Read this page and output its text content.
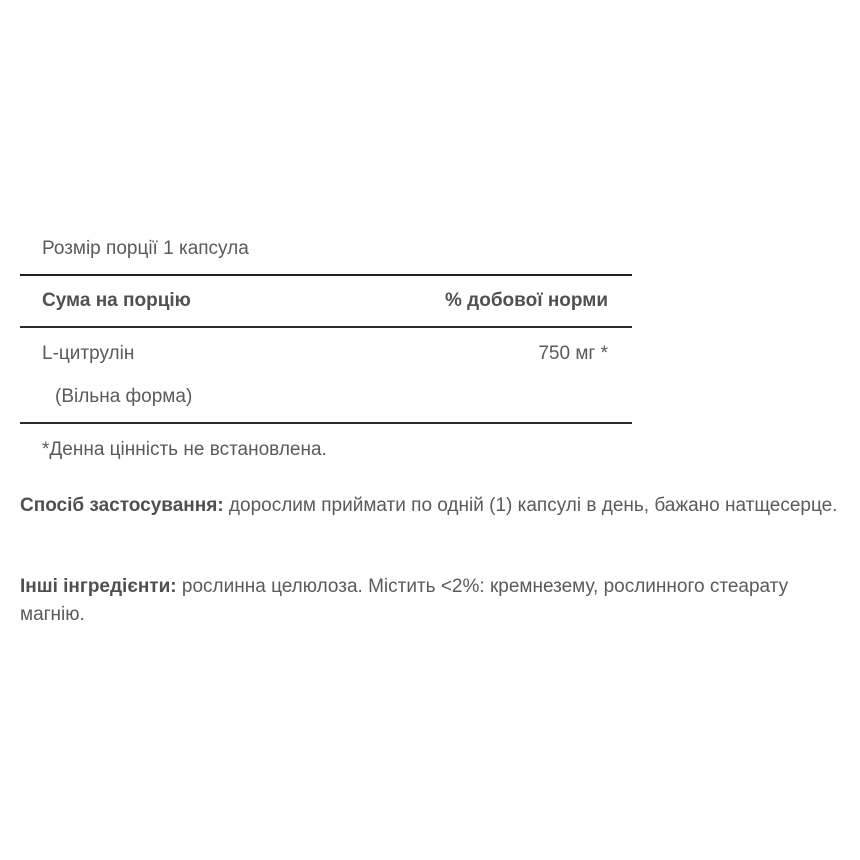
Розмір порції 1 капсула
Сума на порцію	% добової норми
L-цитрулін	750 мг *
(Вільна форма)
*Денна цінність не встановлена.
Спосіб застосування: дорослим приймати по одній (1) капсулі в день, бажано натщесерце.
Інші інгредієнти: рослинна целюлоза. Містить <2%: кремнезему, рослинного стеарату магнію.
